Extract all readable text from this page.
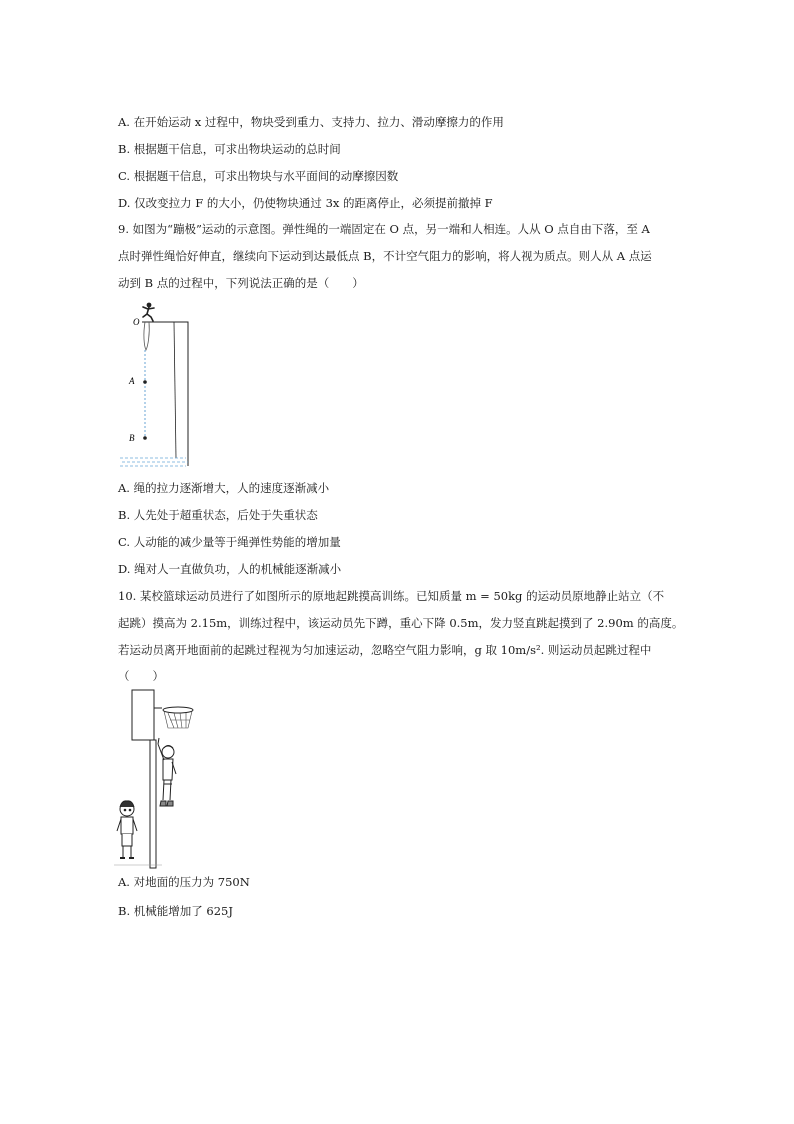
A. 在开始运动 x 过程中，物块受到重力、支持力、拉力、滑动摩擦力的作用
B. 根据题干信息，可求出物块运动的总时间
C. 根据题干信息，可求出物块与水平面间的动摩擦因数
D. 仅改变拉力 F 的大小，仍使物块通过 3x 的距离停止，必须提前撤掉 F
9. 如图为“蹦极”运动的示意图。弹性绳的一端固定在 O 点，另一端和人相连。人从 O 点自由下落，至 A
点时弹性绳恰好伸直，继续向下运动到达最低点 B，不计空气阻力的影响，将人视为质点。则人从 A 点运
动到 B 点的过程中，下列说法正确的是（　　）
O
A
B
A. 绳的拉力逐渐增大，人的速度逐渐减小
B. 人先处于超重状态，后处于失重状态
C. 人动能的减少量等于绳弹性势能的增加量
D. 绳对人一直做负功，人的机械能逐渐减小
10. 某校篮球运动员进行了如图所示的原地起跳摸高训练。已知质量 m = 50kg 的运动员原地静止站立（不
起跳）摸高为 2.15m，训练过程中，该运动员先下蹲，重心下降 0.5m，发力竖直跳起摸到了 2.90m 的高度。
若运动员离开地面前的起跳过程视为匀加速运动，忽略空气阻力影响，g 取 10m/s². 则运动员起跳过程中
（　　）
A. 对地面的压力为 750N
B. 机械能增加了 625J
